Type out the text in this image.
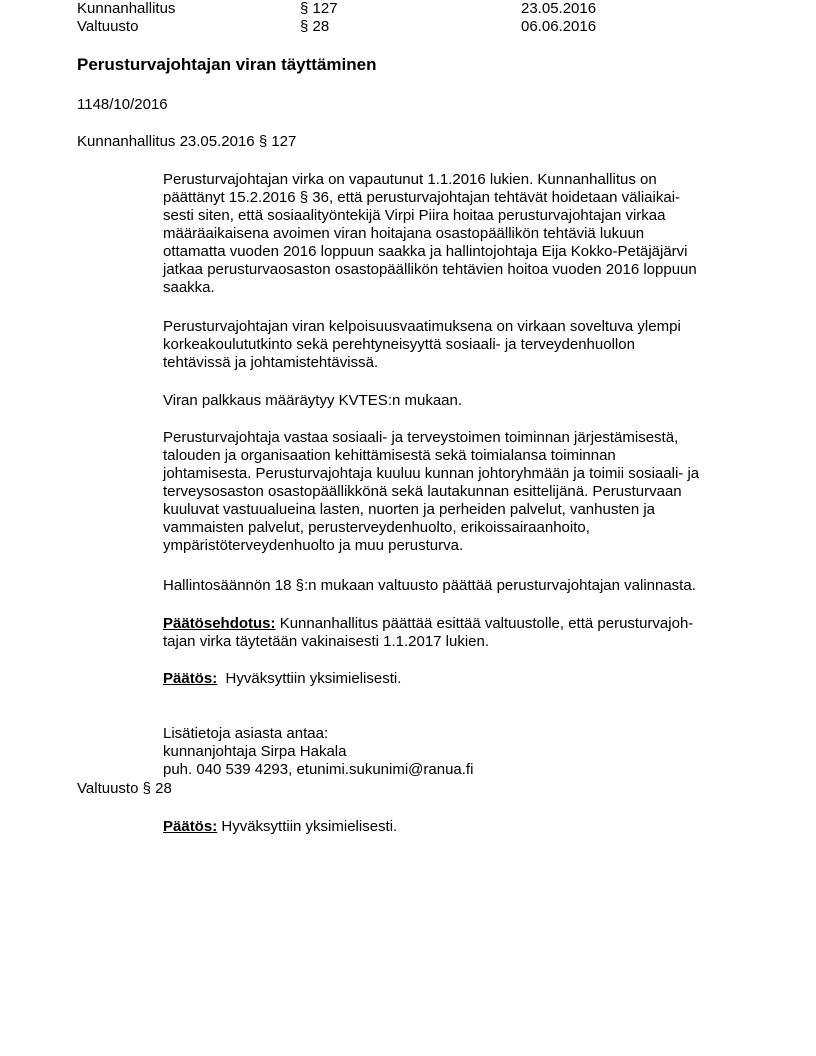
Kunnanhallitus	§ 127	23.05.2016
Valtuusto	§ 28	06.06.2016
Perusturvajohtajan viran täyttäminen
1148/10/2016
Kunnanhallitus 23.05.2016 § 127
Perusturvajohtajan virka on vapautunut 1.1.2016 lukien. Kunnanhallitus on
päättänyt 15.2.2016 § 36, että perusturvajohtajan tehtävät hoidetaan väliaikai-
sesti siten, että sosiaalityöntekijä Virpi Piira hoitaa perusturvajohtajan virkaa
määräaikaisena avoimen viran hoitajana osastopäällikön tehtäviä lukuun
ottamatta vuoden 2016 loppuun saakka ja hallintojohtaja Eija Kokko-Petäjäjärvi
jatkaa perusturvaosaston osastopäällikön tehtävien hoitoa vuoden 2016 loppuun
saakka.
Perusturvajohtajan viran kelpoisuusvaatimuksena on virkaan soveltuva ylempi
korkeakoulututkinto sekä perehtyneisyyttä sosiaali- ja terveydenhuollon
tehtävissä ja johtamistehtävissä.
Viran palkkaus määräytyy KVTES:n mukaan.
Perusturvajohtaja vastaa sosiaali- ja terveystoimen toiminnan järjestämisestä,
talouden ja organisaation kehittämisestä sekä toimialansa toiminnan
johtamisesta. Perusturvajohtaja kuuluu kunnan johtoryhmään ja toimii sosiaali- ja
terveysosaston osastopäällikkönä sekä lautakunnan esittelijänä. Perusturvaan
kuuluvat vastuualueina lasten, nuorten ja perheiden palvelut, vanhusten ja
vammaisten palvelut, perusterveydenhuolto, erikoissairaanhoito,
ympäristöterveydenhuolto ja muu perusturva.
Hallintosäännön 18 §:n mukaan valtuusto päättää perusturvajohtajan valinnasta.
Päätösehdotus: Kunnanhallitus päättää esittää valtuustolle, että perusturvajoh-
tajan virka täytetään vakinaisesti 1.1.2017 lukien.
Päätös: Hyväksyttiin yksimielisesti.
Lisätietoja asiasta antaa:
kunnanjohtaja Sirpa Hakala
puh. 040 539 4293, etunimi.sukunimi@ranua.fi
Valtuusto § 28
Päätös: Hyväksyttiin yksimielisesti.
